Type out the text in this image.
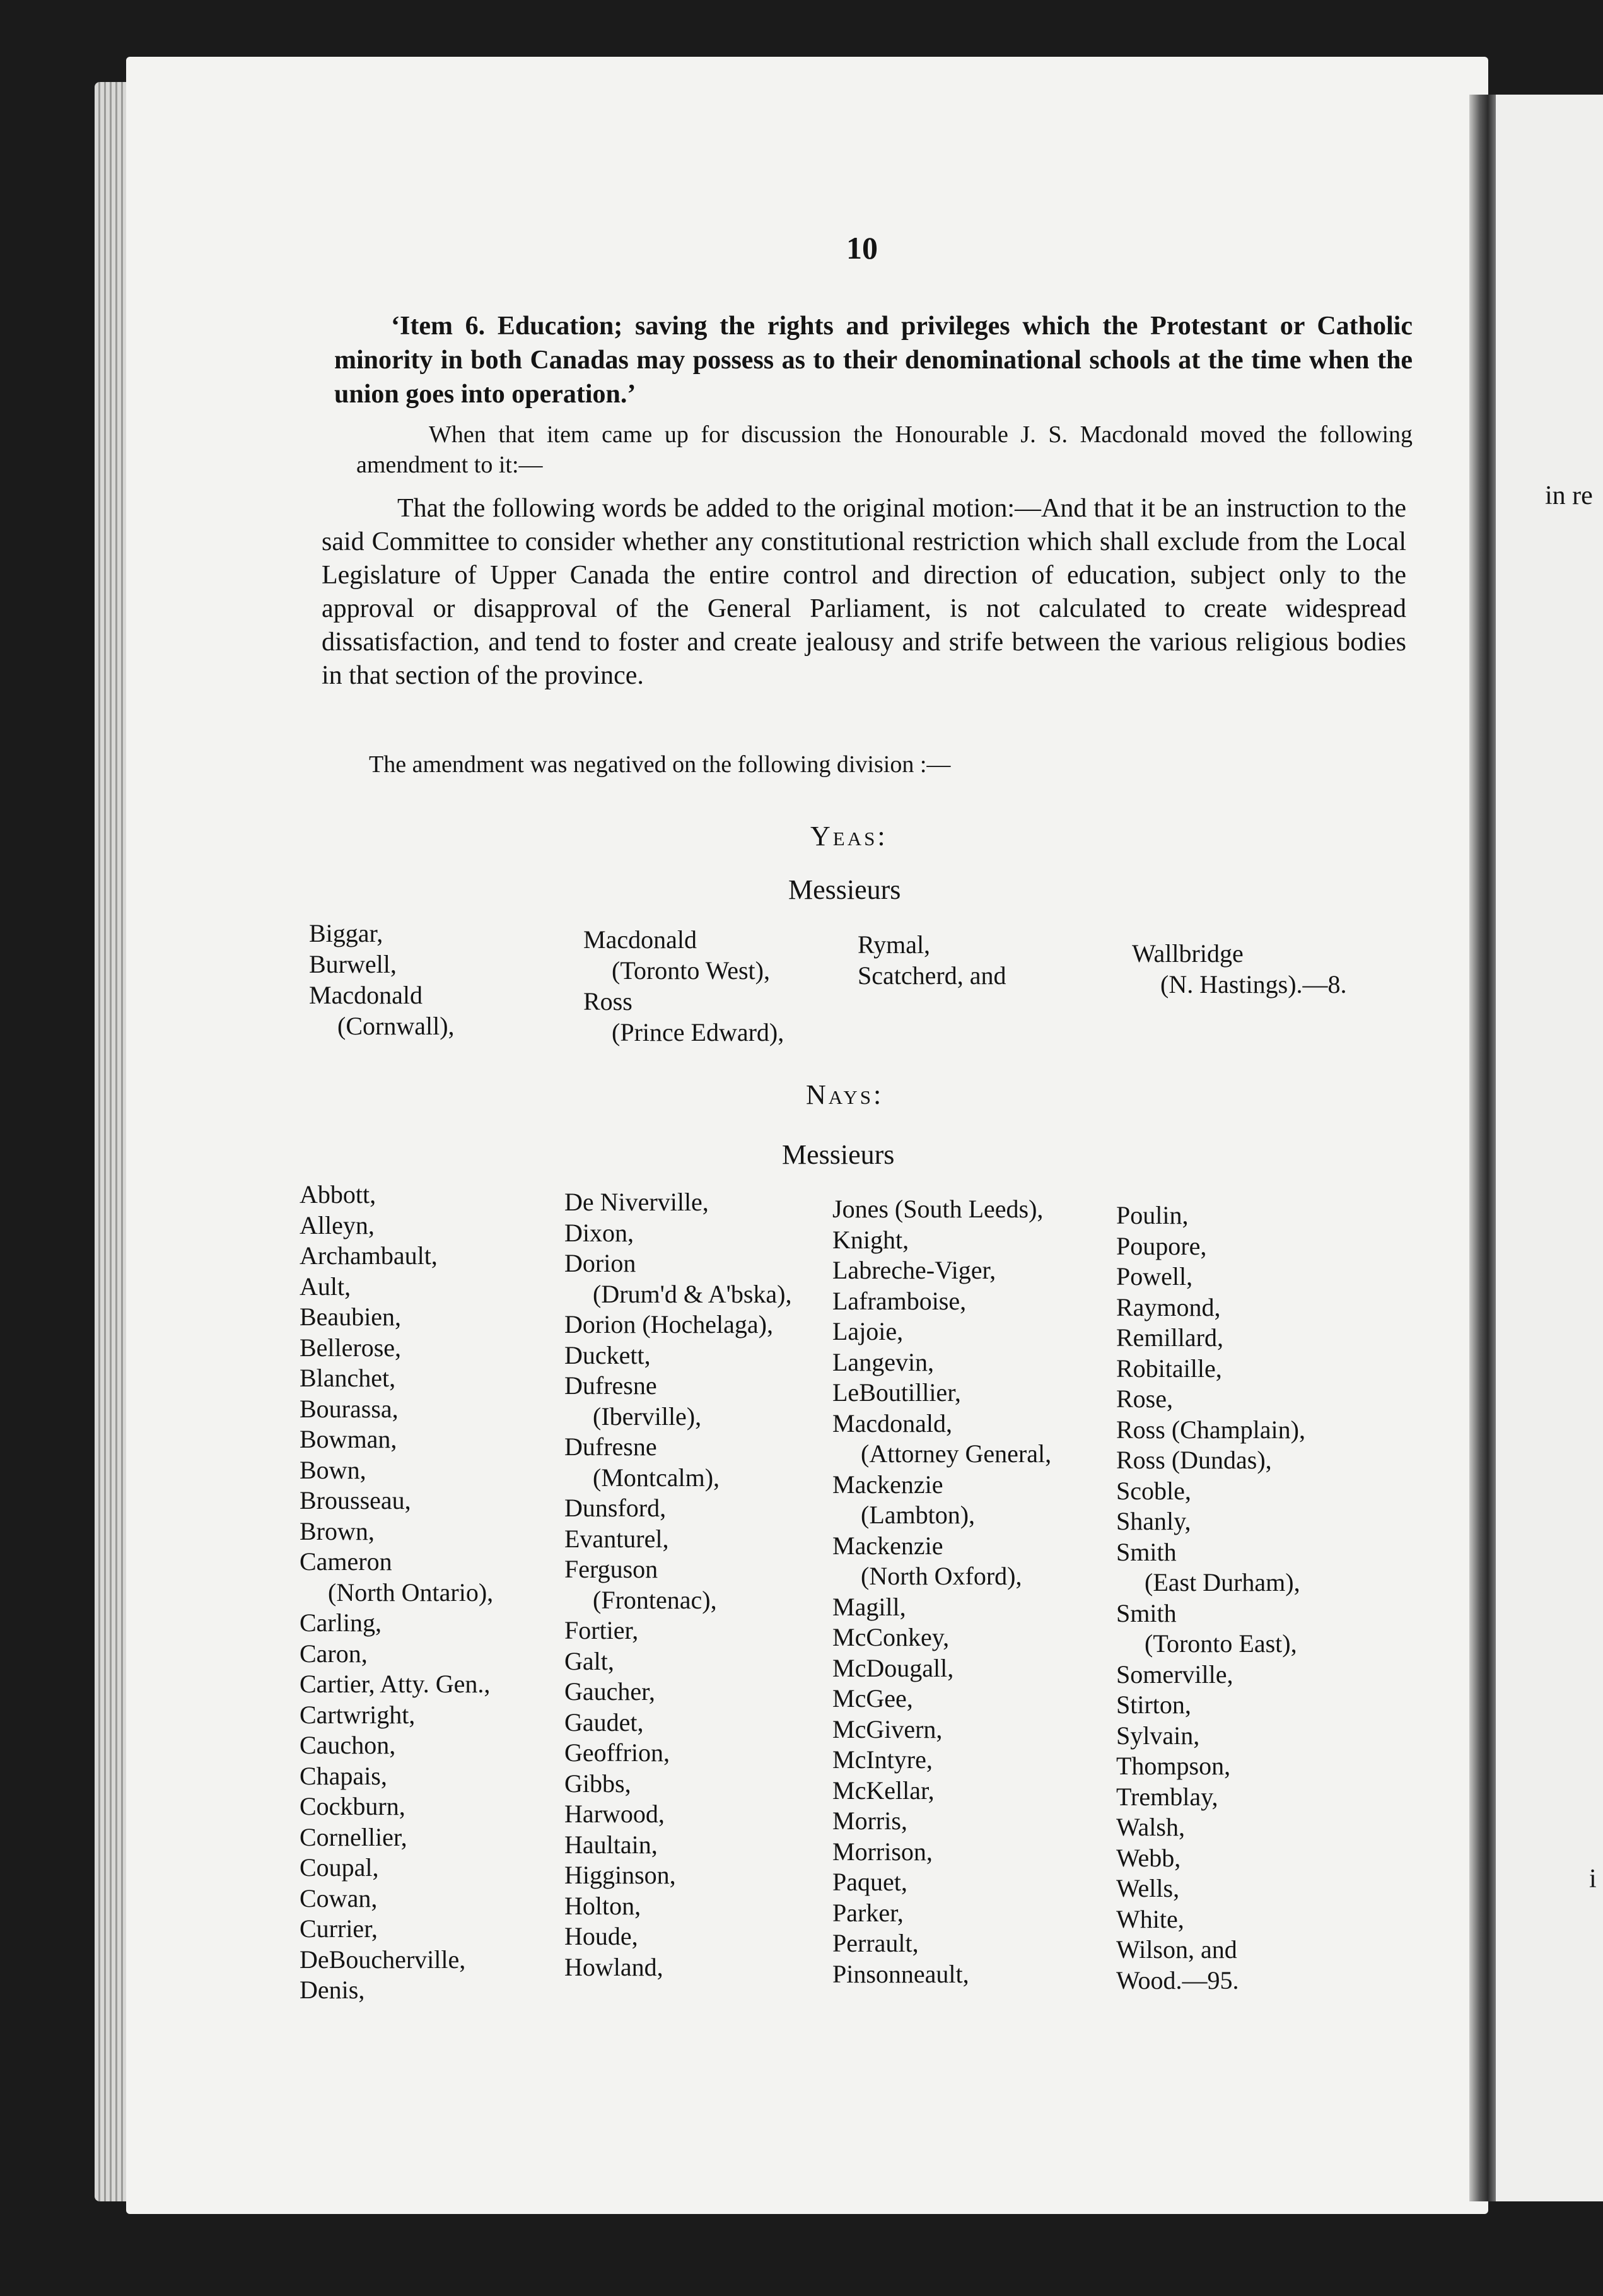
in re
i
10

‘Item 6. Education; saving the rights and privileges which the Protestant or Catholic minority in both Canadas may possess as to their denominational schools at the time when the union goes into operation.’

When that item came up for discussion the Honourable J. S. Macdonald moved the following amendment to it:—

That the following words be added to the original motion:—And that it be an instruction to the said Committee to consider whether any constitutional restriction which shall exclude from the Local Legislature of Upper Canada the entire control and direction of education, subject only to the approval or disapproval of the General Parliament, is not calculated to create widespread dissatisfaction, and tend to foster and create jealousy and strife between the various religious bodies in that section of the province.

The amendment was negatived on the following division :—

Yeas:
Messieurs
Biggar,
Burwell,
Macdonald
(Cornwall),
Macdonald
(Toronto West),
Ross
(Prince Edward),
Rymal,
Scatcherd, and
Wallbridge
(N. Hastings).—8.
Nays:
Messieurs
Abbott,
Alleyn,
Archambault,
Ault,
Beaubien,
Bellerose,
Blanchet,
Bourassa,
Bowman,
Bown,
Brousseau,
Brown,
Cameron
(North Ontario),
Carling,
Caron,
Cartier, Atty. Gen.,
Cartwright,
Cauchon,
Chapais,
Cockburn,
Cornellier,
Coupal,
Cowan,
Currier,
DeBoucherville,
Denis,
De Niverville,
Dixon,
Dorion
(Drum'd & A'bska),
Dorion (Hochelaga),
Duckett,
Dufresne
(Iberville),
Dufresne
(Montcalm),
Dunsford,
Evanturel,
Ferguson
(Frontenac),
Fortier,
Galt,
Gaucher,
Gaudet,
Geoffrion,
Gibbs,
Harwood,
Haultain,
Higginson,
Holton,
Houde,
Howland,
Jones (South Leeds),
Knight,
Labreche-Viger,
Laframboise,
Lajoie,
Langevin,
LeBoutillier,
Macdonald,
(Attorney General,
Mackenzie
(Lambton),
Mackenzie
(North Oxford),
Magill,
McConkey,
McDougall,
McGee,
McGivern,
McIntyre,
McKellar,
Morris,
Morrison,
Paquet,
Parker,
Perrault,
Pinsonneault,
Poulin,
Poupore,
Powell,
Raymond,
Remillard,
Robitaille,
Rose,
Ross (Champlain),
Ross (Dundas),
Scoble,
Shanly,
Smith
(East Durham),
Smith
(Toronto East),
Somerville,
Stirton,
Sylvain,
Thompson,
Tremblay,
Walsh,
Webb,
Wells,
White,
Wilson, and
Wood.—95.
